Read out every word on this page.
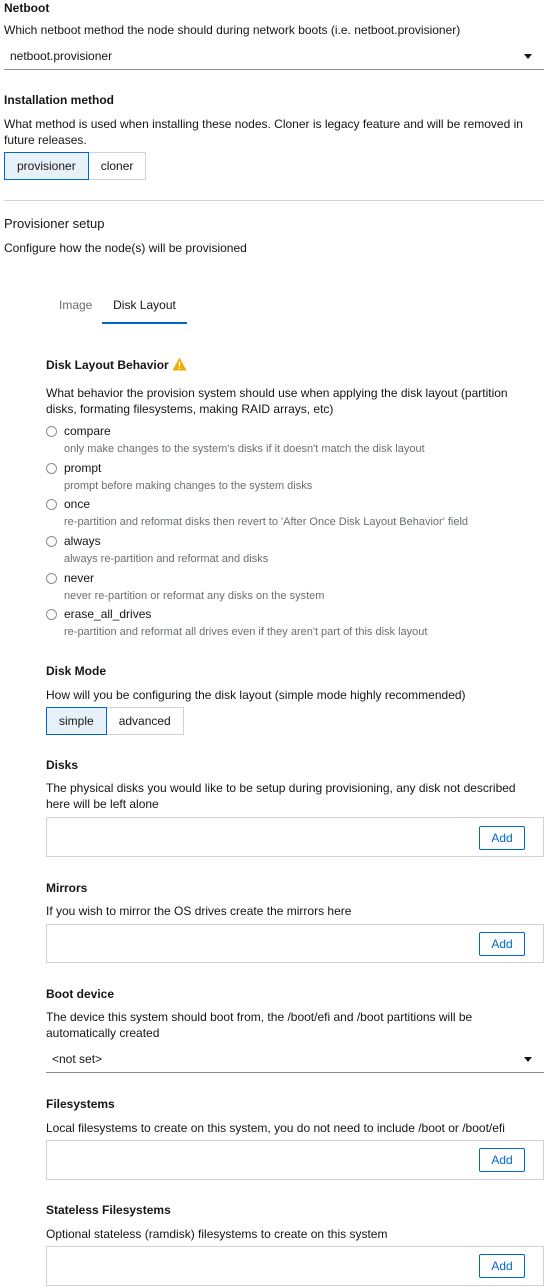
Netboot
Which netboot method the node should during network boots (i.e. netboot.provisioner)
netboot.provisioner
Installation method
What method is used when installing these nodes. Cloner is legacy feature and will be removed in future releases.
provisioner	cloner
Provisioner setup
Configure how the node(s) will be provisioned
Image	Disk Layout
Disk Layout Behavior
What behavior the provision system should use when applying the disk layout (partition disks, formating filesystems, making RAID arrays, etc)
compare
only make changes to the system's disks if it doesn't match the disk layout
prompt
prompt before making changes to the system disks
once
re-partition and reformat disks then revert to 'After Once Disk Layout Behavior' field
always
always re-partition and reformat and disks
never
never re-partition or reformat any disks on the system
erase_all_drives
re-partition and reformat all drives even if they aren't part of this disk layout
Disk Mode
How will you be configuring the disk layout (simple mode highly recommended)
simple	advanced
Disks
The physical disks you would like to be setup during provisioning, any disk not described here will be left alone
Add
Mirrors
If you wish to mirror the OS drives create the mirrors here
Add
Boot device
The device this system should boot from, the /boot/efi and /boot partitions will be automatically created
<not set>
Filesystems
Local filesystems to create on this system, you do not need to include /boot or /boot/efi
Add
Stateless Filesystems
Optional stateless (ramdisk) filesystems to create on this system
Add
